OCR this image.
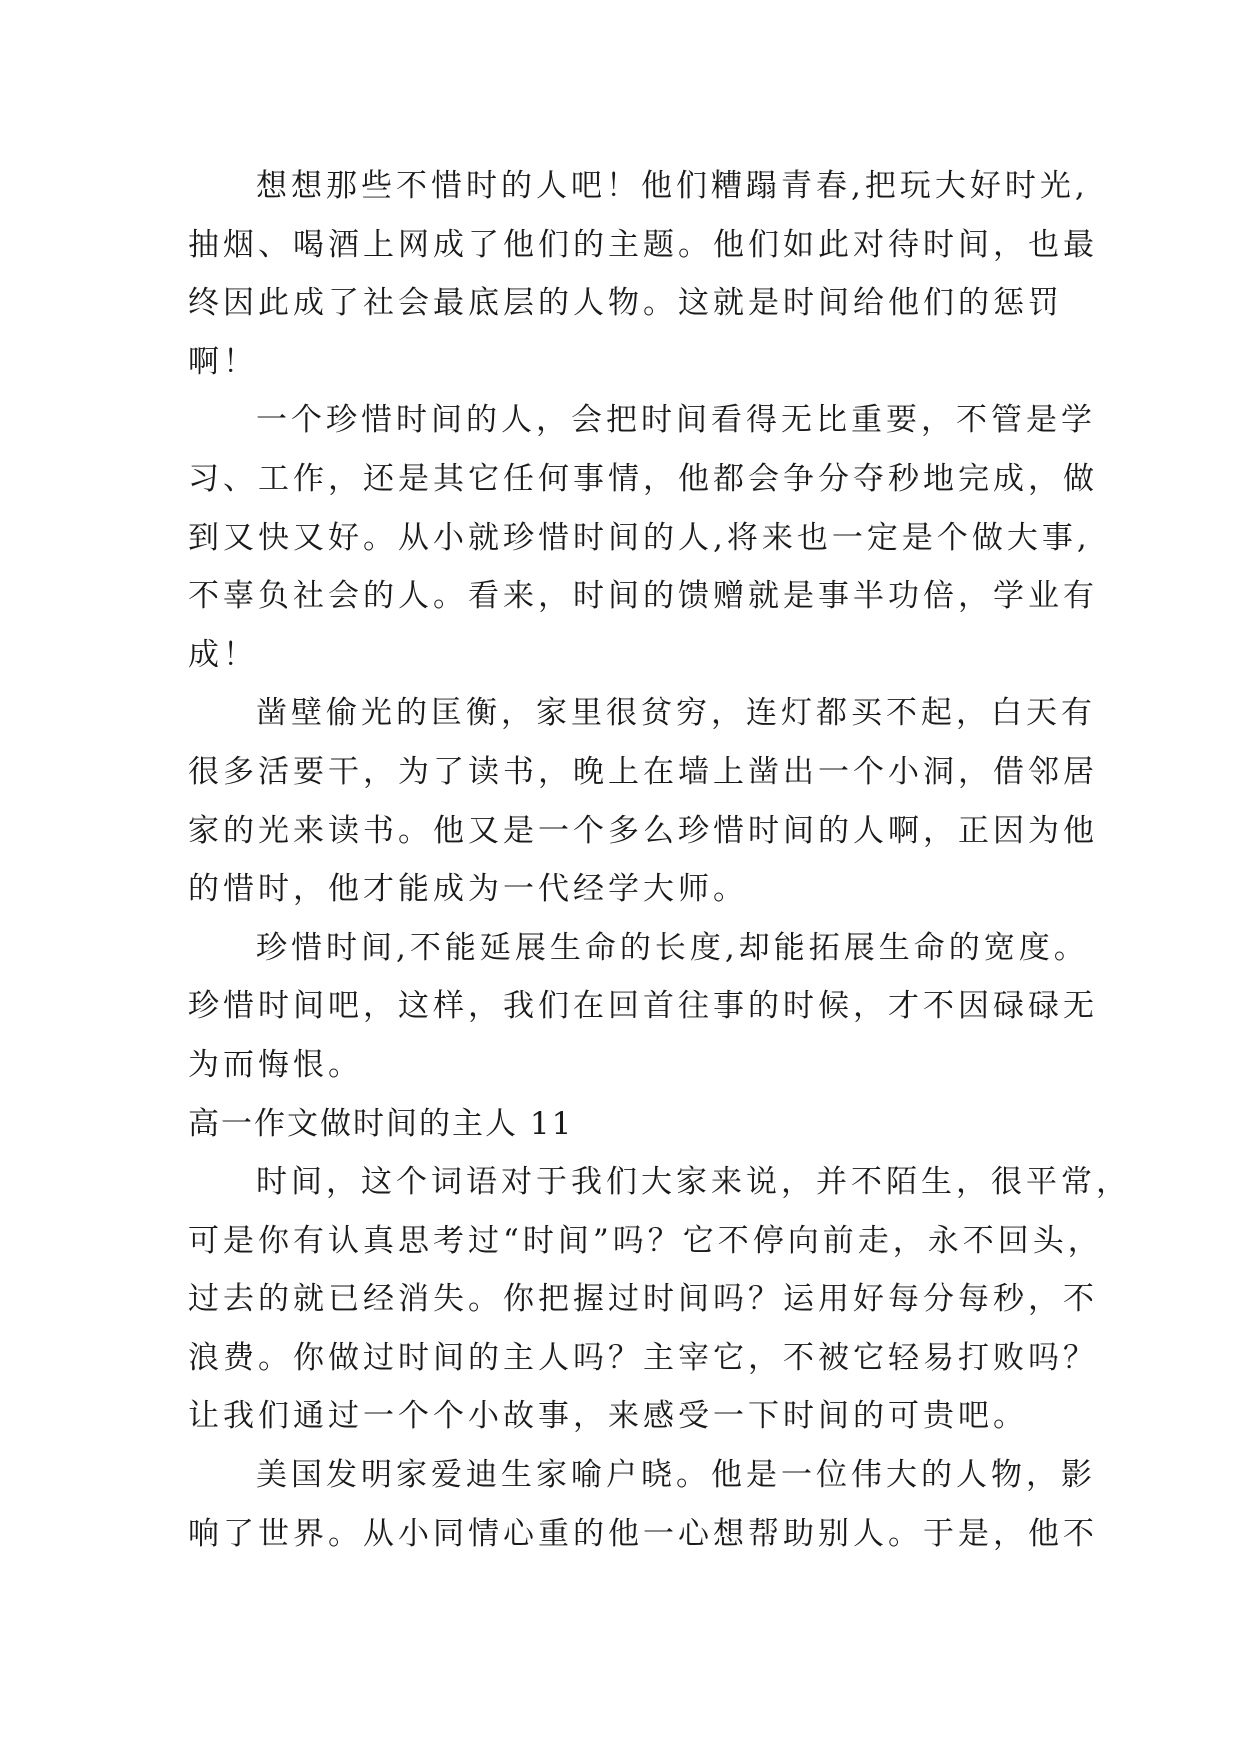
想想那些不惜时的人吧！他们糟蹋青春,把玩大好时光,
抽烟、喝酒上网成了他们的主题。他们如此对待时间，也最
终因此成了社会最底层的人物。这就是时间给他们的惩罚
啊！
一个珍惜时间的人，会把时间看得无比重要，不管是学
习、工作，还是其它任何事情，他都会争分夺秒地完成，做
到又快又好。从小就珍惜时间的人,将来也一定是个做大事,
不辜负社会的人。看来，时间的馈赠就是事半功倍，学业有
成！
凿壁偷光的匡衡，家里很贫穷，连灯都买不起，白天有
很多活要干，为了读书，晚上在墙上凿出一个小洞，借邻居
家的光来读书。他又是一个多么珍惜时间的人啊，正因为他
的惜时，他才能成为一代经学大师。
珍惜时间,不能延展生命的长度,却能拓展生命的宽度。
珍惜时间吧，这样，我们在回首往事的时候，才不因碌碌无
为而悔恨。
高一作文做时间的主人 11
时间，这个词语对于我们大家来说，并不陌生，很平常，
可是你有认真思考过“时间”吗？它不停向前走，永不回头，
过去的就已经消失。你把握过时间吗？运用好每分每秒，不
浪费。你做过时间的主人吗？主宰它，不被它轻易打败吗？
让我们通过一个个小故事，来感受一下时间的可贵吧。
美国发明家爱迪生家喻户晓。他是一位伟大的人物，影
响了世界。从小同情心重的他一心想帮助别人。于是，他不
